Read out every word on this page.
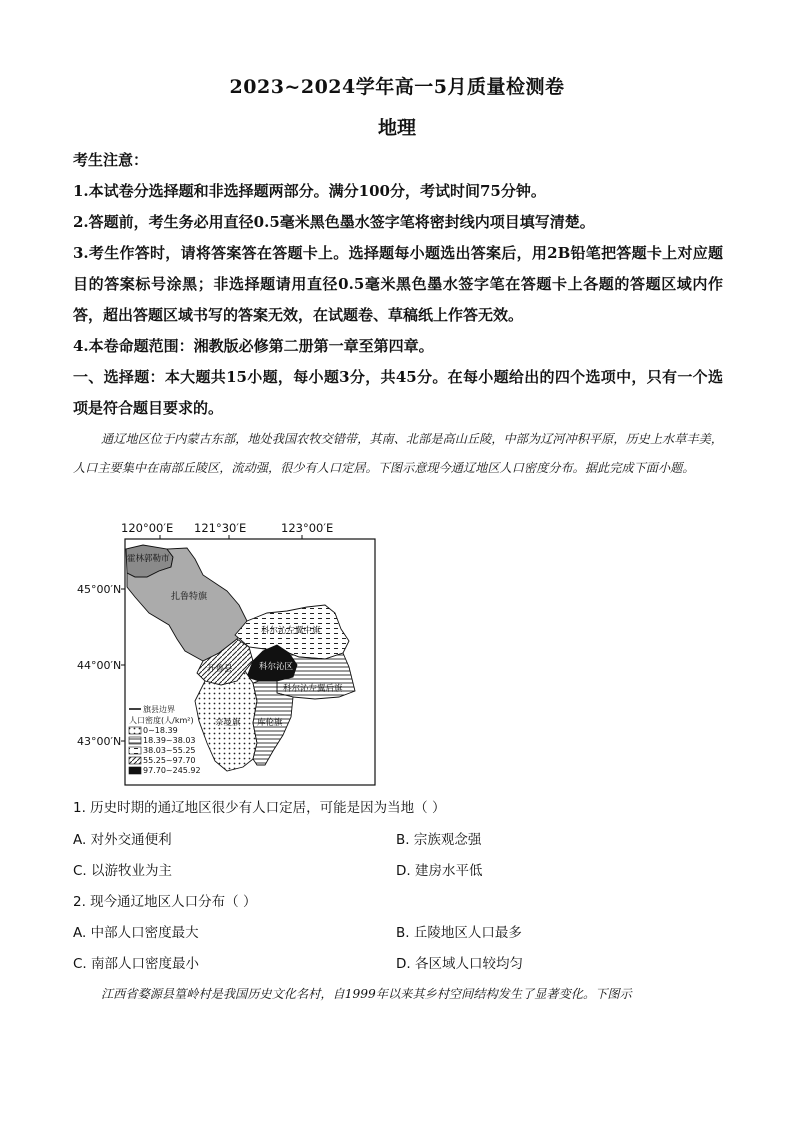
2023~2024学年高一5月质量检测卷
地理

考生注意：

1.本试卷分选择题和非选择题两部分。满分100分，考试时间75分钟。

2.答题前，考生务必用直径0.5毫米黑色墨水签字笔将密封线内项目填写清楚。

3.考生作答时，请将答案答在答题卡上。选择题每小题选出答案后，用2B铅笔把答题卡上对应题目的答案标号涂黑；非选择题请用直径0.5毫米黑色墨水签字笔在答题卡上各题的答题区域内作答，超出答题区域书写的答案无效，在试题卷、草稿纸上作答无效。

4.本卷命题范围：湘教版必修第二册第一章至第四章。

一、选择题：本大题共15小题，每小题3分，共45分。在每小题给出的四个选项中，只有一个选项是符合题目要求的。

通辽地区位于内蒙古东部，地处我国农牧交错带，其南、北部是高山丘陵，中部为辽河冲积平原，历史上水草丰美，人口主要集中在南部丘陵区，流动强，很少有人口定居。下图示意现今通辽地区人口密度分布。据此完成下面小题。

120°00′E 121°30′E	123°00′E
45°00′N
44°00′N
43°00′N
霍林郭勒市
扎鲁特旗
科尔沁左翼中旗
开鲁县	科尔沁区
科尔沁左翼后旗
奈曼旗 库伦旗
旗县边界
人口密度(人/km²)
0~18.39
18.39~38.03
38.03~55.25
55.25~97.70
97.70~245.92

1. 历史时期的通辽地区很少有人口定居，可能是因为当地（ ）

A. 对外交通便利	B. 宗族观念强

C. 以游牧业为主	D. 建房水平低

2. 现今通辽地区人口分布（ ）

A. 中部人口密度最大	B. 丘陵地区人口最多

C. 南部人口密度最小	D. 各区域人口较均匀

江西省婺源县篁岭村是我国历史文化名村，自1999年以来其乡村空间结构发生了显著变化。下图示
